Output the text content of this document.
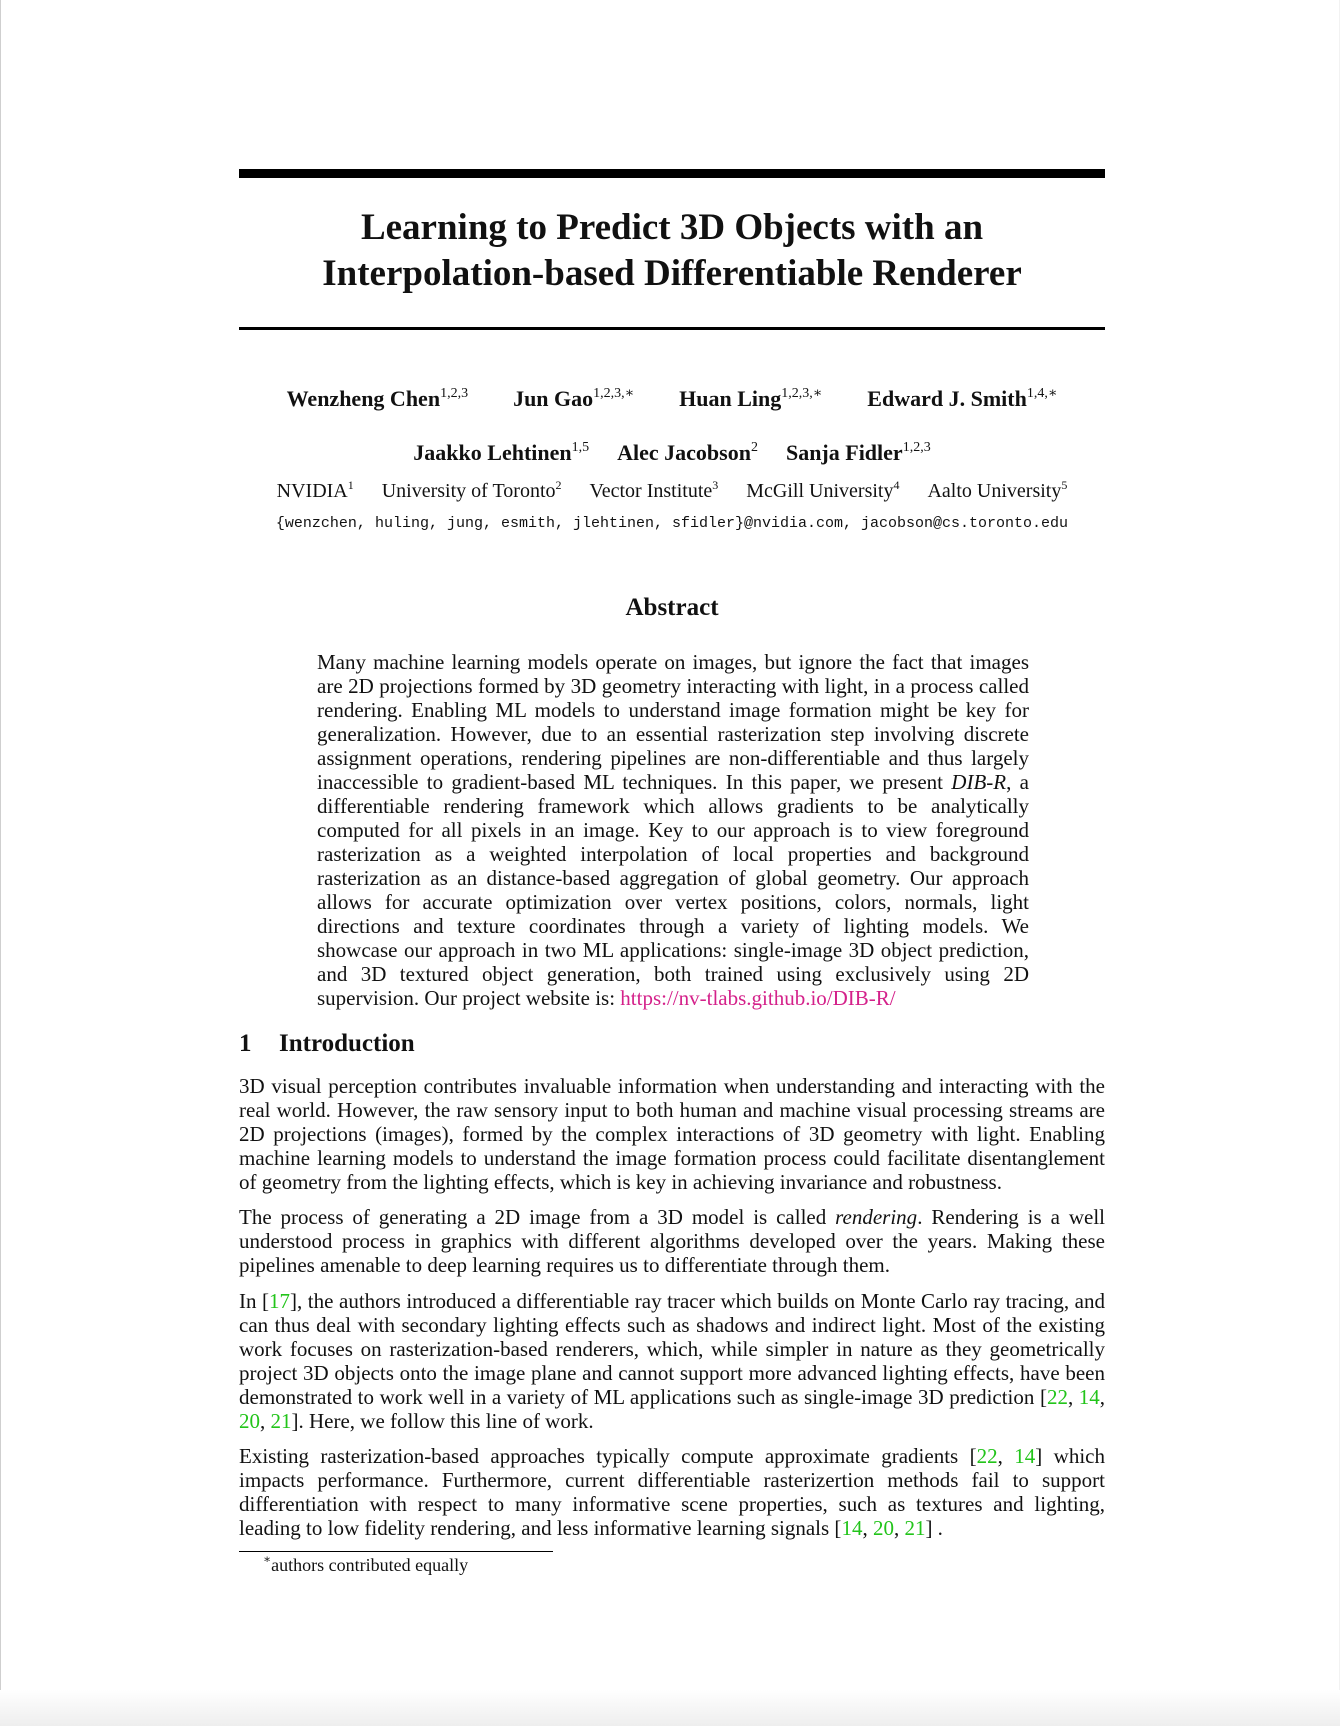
Learning to Predict 3D Objects with an
Interpolation-based Differentiable Renderer
Wenzheng Chen$^{1,2,3}$ Jun Gao$^{1,2,3,∗}$ Huan Ling$^{1,2,3,∗}$ Edward J. Smith$^{1,4,∗}$
Jaakko Lehtinen$^{1,5}$ Alec Jacobson$^2$ Sanja Fidler$^{1,2,3}$
NVIDIA$^1$ University of Toronto$^2$ Vector Institute$^3$ McGill University$^4$ Aalto University$^5$
{wenzchen, huling, jung, esmith, jlehtinen, sfidler}@nvidia.com, jacobson@cs.toronto.edu
Abstract

Many machine learning models operate on images, but ignore the fact that images are 2D projections formed by 3D geometry interacting with light, in a process called rendering. Enabling ML models to understand image formation might be key for generalization. However, due to an essential rasterization step involving discrete assignment operations, rendering pipelines are non-differentiable and thus largely inaccessible to gradient-based ML techniques. In this paper, we present DIB-R, a differentiable rendering framework which allows gradients to be analytically computed for all pixels in an image. Key to our approach is to view foreground rasterization as a weighted interpolation of local properties and background rasterization as an distance-based aggregation of global geometry. Our approach allows for accurate optimization over vertex positions, colors, normals, light directions and texture coordinates through a variety of lighting models. We showcase our approach in two ML applications: single-image 3D object prediction, and 3D textured object generation, both trained using exclusively using 2D supervision. Our project website is: https://nv-tlabs.github.io/DIB-R/

1 Introduction

3D visual perception contributes invaluable information when understanding and interacting with the real world. However, the raw sensory input to both human and machine visual processing streams are 2D projections (images), formed by the complex interactions of 3D geometry with light. Enabling machine learning models to understand the image formation process could facilitate disentanglement of geometry from the lighting effects, which is key in achieving invariance and robustness.

The process of generating a 2D image from a 3D model is called rendering. Rendering is a well understood process in graphics with different algorithms developed over the years. Making these pipelines amenable to deep learning requires us to differentiate through them.

In [17], the authors introduced a differentiable ray tracer which builds on Monte Carlo ray tracing, and can thus deal with secondary lighting effects such as shadows and indirect light. Most of the existing work focuses on rasterization-based renderers, which, while simpler in nature as they geometrically project 3D objects onto the image plane and cannot support more advanced lighting effects, have been demonstrated to work well in a variety of ML applications such as single-image 3D prediction [22, 14, 20, 21]. Here, we follow this line of work.

Existing rasterization-based approaches typically compute approximate gradients [22, 14] which impacts performance. Furthermore, current differentiable rasterizertion methods fail to support differentiation with respect to many informative scene properties, such as textures and lighting, leading to low fidelity rendering, and less informative learning signals [14, 20, 21] .

∗authors contributed equally
